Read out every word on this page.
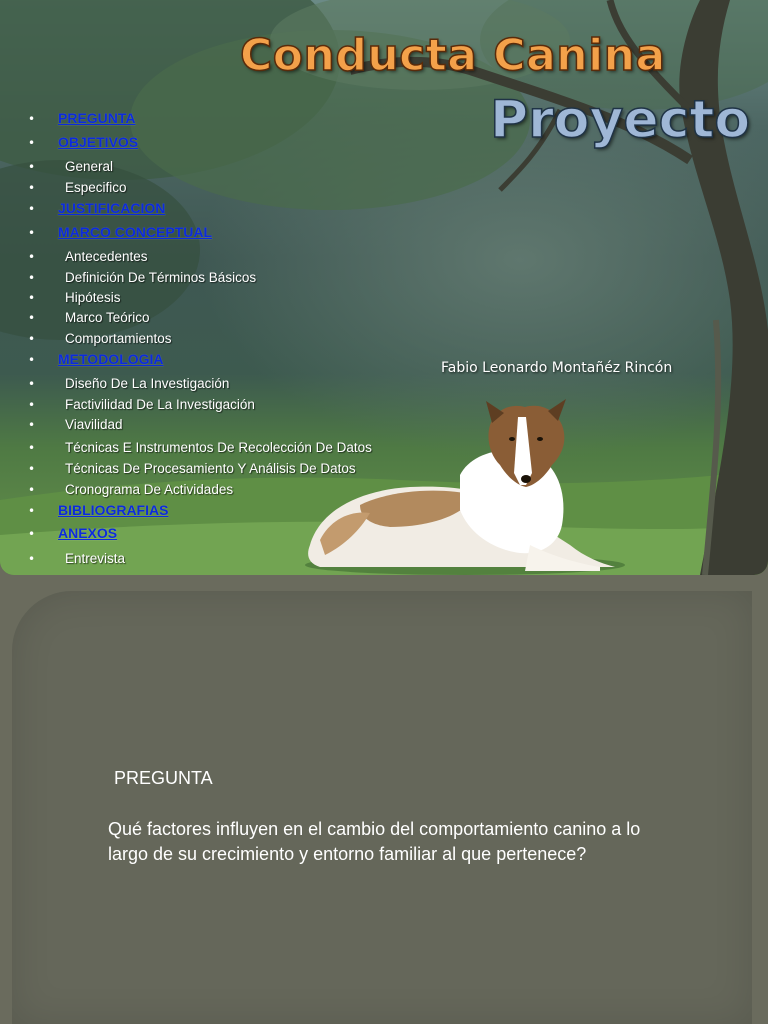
Conducta Canina
Proyecto
• PREGUNTA
• OBJETIVOS
• General
• Especifico
• JUSTIFICACION
• MARCO CONCEPTUAL
• Antecedentes
• Definición De Términos Básicos
• Hipótesis
• Marco Teórico
• Comportamientos
• METODOLOGIA
• Diseño De La Investigación
• Factivilidad De La Investigación
• Viavilidad
• Técnicas E Instrumentos De Recolección De Datos
• Técnicas De Procesamiento Y Análisis De Datos
• Cronograma De Actividades
• BIBLIOGRAFIAS
• ANEXOS
• Entrevista
Fabio Leonardo Montañéz Rincón
PREGUNTA

Qué factores influyen en el cambio del comportamiento canino a lo largo de su crecimiento y entorno familiar al que pertenece?
